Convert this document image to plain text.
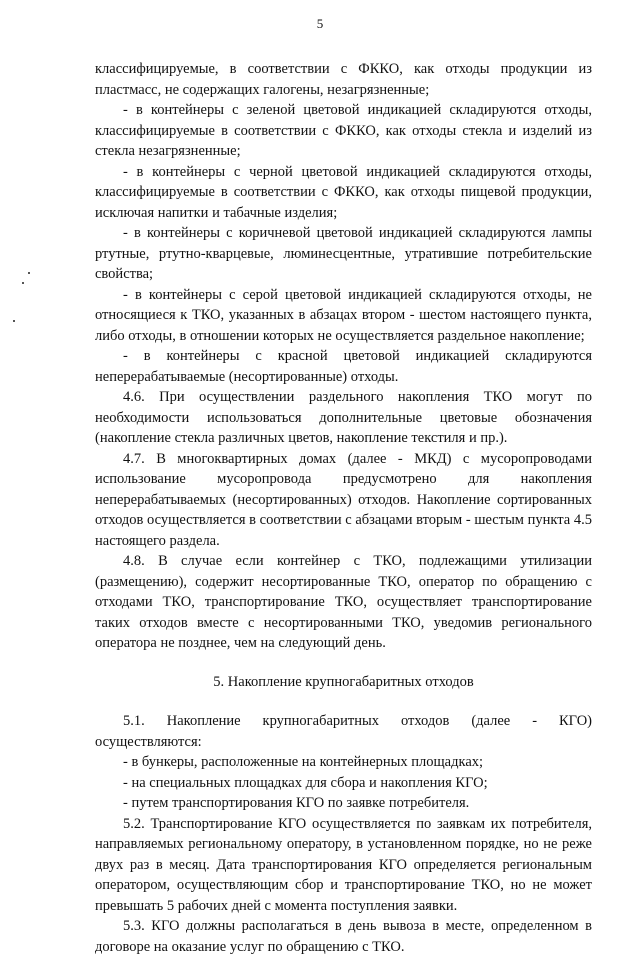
5

классифицируемые, в соответствии с ФККО, как отходы продукции из пластмасс, не содержащих галогены, незагрязненные;

- в контейнеры с зеленой цветовой индикацией складируются отходы, классифицируемые в соответствии с ФККО, как отходы стекла и изделий из стекла незагрязненные;

- в контейнеры с черной цветовой индикацией складируются отходы, классифицируемые в соответствии с ФККО, как отходы пищевой продукции, исключая напитки и табачные изделия;

- в контейнеры с коричневой цветовой индикацией складируются лампы ртутные, ртутно-кварцевые, люминесцентные, утратившие потребительские свойства;

- в контейнеры с серой цветовой индикацией складируются отходы, не относящиеся к ТКО, указанных в абзацах втором - шестом настоящего пункта, либо отходы, в отношении которых не осуществляется раздельное накопление;

- в контейнеры с красной цветовой индикацией складируются неперерабатываемые (несортированные) отходы.

4.6. При осуществлении раздельного накопления ТКО могут по необходимости использоваться дополнительные цветовые обозначения (накопление стекла различных цветов, накопление текстиля и пр.).

4.7. В многоквартирных домах (далее - МКД) с мусоропроводами использование мусоропровода предусмотрено для накопления неперерабатываемых (несортированных) отходов. Накопление сортированных отходов осуществляется в соответствии с абзацами вторым - шестым пункта 4.5 настоящего раздела.

4.8. В случае если контейнер с ТКО, подлежащими утилизации (размещению), содержит несортированные ТКО, оператор по обращению с отходами ТКО, транспортирование ТКО, осуществляет транспортирование таких отходов вместе с несортированными ТКО, уведомив регионального оператора не позднее, чем на следующий день.

5. Накопление крупногабаритных отходов

5.1. Накопление крупногабаритных отходов (далее - КГО) осуществляются:

- в бункеры, расположенные на контейнерных площадках;

- на специальных площадках для сбора и накопления КГО;

- путем транспортирования КГО по заявке потребителя.

5.2. Транспортирование КГО осуществляется по заявкам их потребителя, направляемых региональному оператору, в установленном порядке, но не реже двух раз в месяц. Дата транспортирования КГО определяется региональным оператором, осуществляющим сбор и транспортирование ТКО, но не может превышать 5 рабочих дней с момента поступления заявки.

5.3. КГО должны располагаться в день вывоза в месте, определенном в договоре на оказание услуг по обращению с ТКО.
